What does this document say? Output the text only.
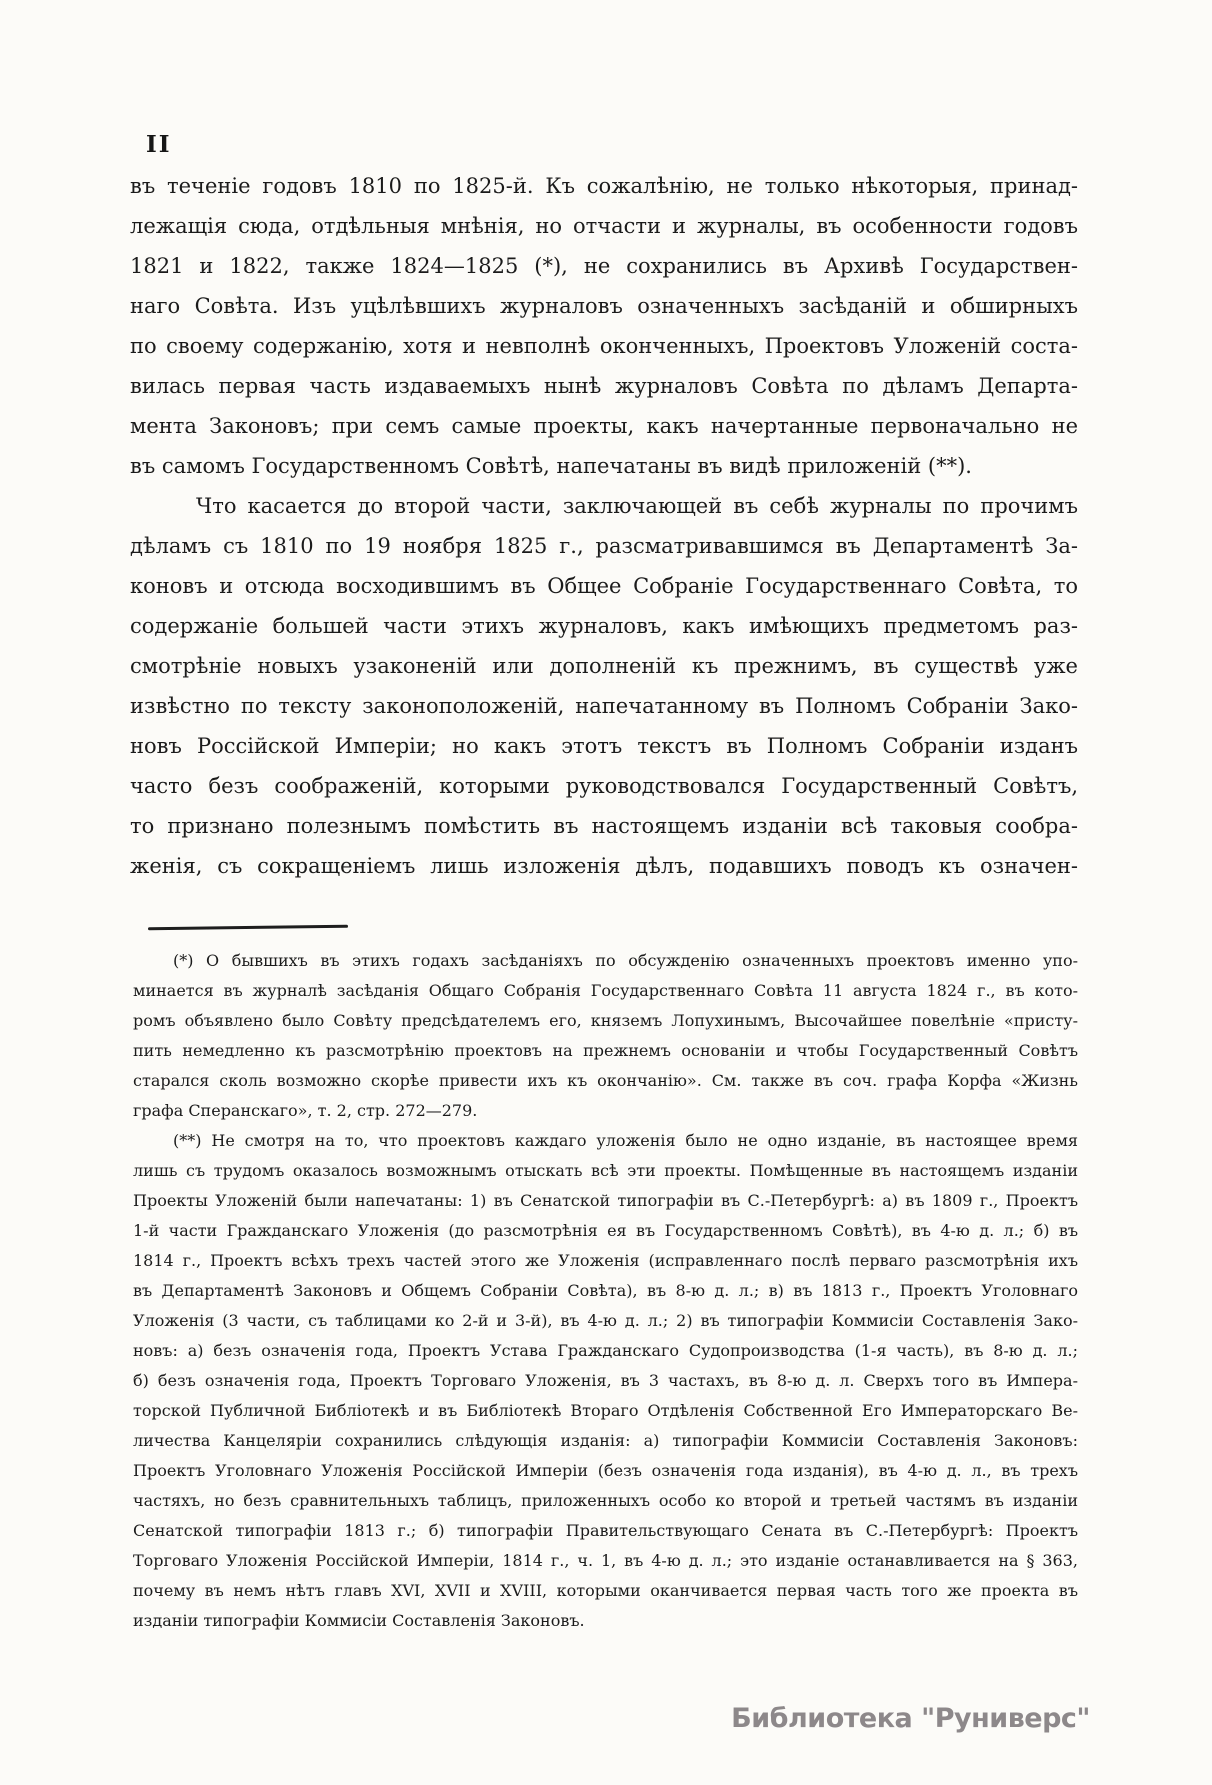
II
въ теченіе годовъ 1810 по 1825-й. Къ сожалѣнію, не только нѣкоторыя, принад-
лежащія сюда, отдѣльныя мнѣнія, но отчасти и журналы, въ особенности годовъ
1821 и 1822, также 1824—1825 (*), не сохранились въ Архивѣ Государствен-
наго Совѣта. Изъ уцѣлѣвшихъ журналовъ означенныхъ засѣданій и обширныхъ
по своему содержанію, хотя и невполнѣ оконченныхъ, Проектовъ Уложеній соста-
вилась первая часть издаваемыхъ нынѣ журналовъ Совѣта по дѣламъ Департа-
мента Законовъ; при семъ самые проекты, какъ начертанные первоначально не
въ самомъ Государственномъ Совѣтѣ, напечатаны въ видѣ приложеній (**).
Что касается до второй части, заключающей въ себѣ журналы по прочимъ
дѣламъ съ 1810 по 19 ноября 1825 г., разсматривавшимся въ Департаментѣ За-
коновъ и отсюда восходившимъ въ Общее Собраніе Государственнаго Совѣта, то
содержаніе большей части этихъ журналовъ, какъ имѣющихъ предметомъ раз-
смотрѣніе новыхъ узаконеній или дополненій къ прежнимъ, въ существѣ уже
извѣстно по тексту законоположеній, напечатанному въ Полномъ Собраніи Зако-
новъ Россійской Имперіи; но какъ этотъ текстъ въ Полномъ Собраніи изданъ
часто безъ соображеній, которыми руководствовался Государственный Совѣтъ,
то признано полезнымъ помѣстить въ настоящемъ изданіи всѣ таковыя сообра-
женія, съ сокращеніемъ лишь изложенія дѣлъ, подавшихъ поводъ къ означен-
(*) О бывшихъ въ этихъ годахъ засѣданіяхъ по обсужденію означенныхъ проектовъ именно упо-
минается въ журналѣ засѣданія Общаго Собранія Государственнаго Совѣта 11 августа 1824 г., въ кото-
ромъ объявлено было Совѣту предсѣдателемъ его, княземъ Лопухинымъ, Высочайшее повелѣніе «присту-
пить немедленно къ разсмотрѣнію проектовъ на прежнемъ основаніи и чтобы Государственный Совѣтъ
старался сколь возможно скорѣе привести ихъ къ окончанію». См. также въ соч. графа Корфа «Жизнь
графа Сперанскаго», т. 2, стр. 272—279.
(**) Не смотря на то, что проектовъ каждаго уложенія было не одно изданіе, въ настоящее время
лишь съ трудомъ оказалось возможнымъ отыскать всѣ эти проекты. Помѣщенные въ настоящемъ изданіи
Проекты Уложеній были напечатаны: 1) въ Сенатской типографіи въ С.-Петербургѣ: а) въ 1809 г., Проектъ
1-й части Гражданскаго Уложенія (до разсмотрѣнія ея въ Государственномъ Совѣтѣ), въ 4-ю д. л.; б) въ
1814 г., Проектъ всѣхъ трехъ частей этого же Уложенія (исправленнаго послѣ перваго разсмотрѣнія ихъ
въ Департаментѣ Законовъ и Общемъ Собраніи Совѣта), въ 8-ю д. л.; в) въ 1813 г., Проектъ Уголовнаго
Уложенія (3 части, съ таблицами ко 2-й и 3-й), въ 4-ю д. л.; 2) въ типографіи Коммисіи Составленія Зако-
новъ: а) безъ означенія года, Проектъ Устава Гражданскаго Судопроизводства (1-я часть), въ 8-ю д. л.;
б) безъ означенія года, Проектъ Торговаго Уложенія, въ 3 частахъ, въ 8-ю д. л. Сверхъ того въ Импера-
торской Публичной Библіотекѣ и въ Библіотекѣ Втораго Отдѣленія Собственной Его Императорскаго Ве-
личества Канцеляріи сохранились слѣдующія изданія: а) типографіи Коммисіи Составленія Законовъ:
Проектъ Уголовнаго Уложенія Россійской Имперіи (безъ означенія года изданія), въ 4-ю д. л., въ трехъ
частяхъ, но безъ сравнительныхъ таблицъ, приложенныхъ особо ко второй и третьей частямъ въ изданіи
Сенатской типографіи 1813 г.; б) типографіи Правительствующаго Сената въ С.-Петербургѣ: Проектъ
Торговаго Уложенія Россійской Имперіи, 1814 г., ч. 1, въ 4-ю д. л.; это изданіе останавливается на § 363,
почему въ немъ нѣтъ главъ XVI, XVII и XVIII, которыми оканчивается первая часть того же проекта въ
изданіи типографіи Коммисіи Составленія Законовъ.
Библиотека "Руниверс"
